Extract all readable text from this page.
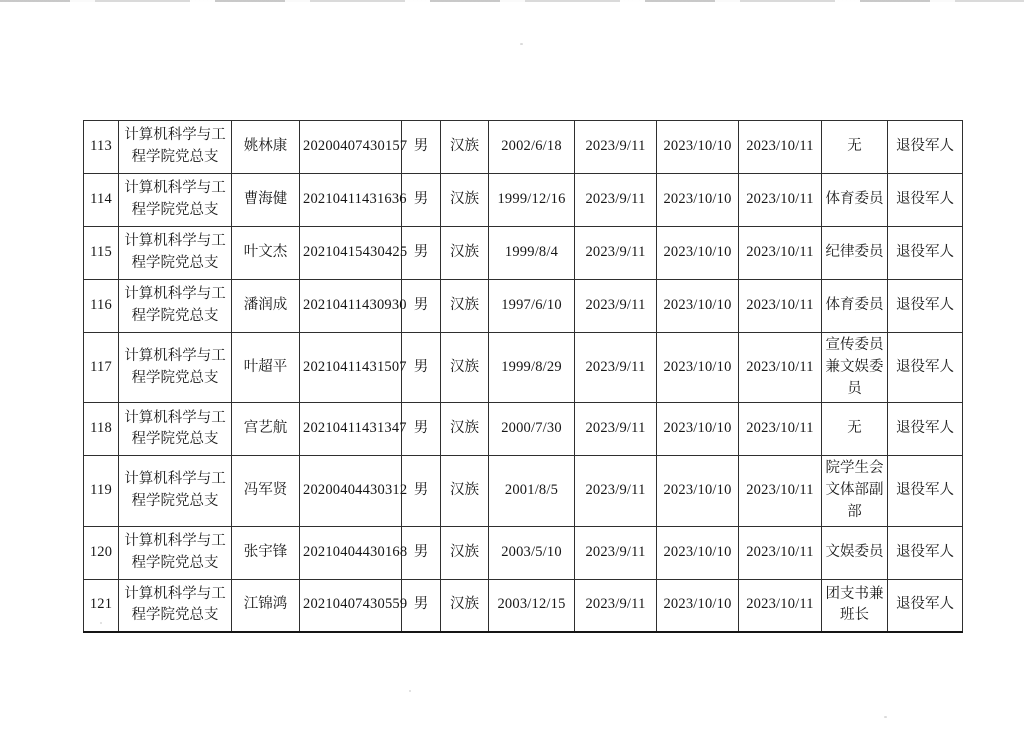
113	计算机科学与工程学院党总支	姚林康	20200407430157	男	汉族	2002/6/18	2023/9/11	2023/10/10	2023/10/11	无	退役军人
114	计算机科学与工程学院党总支	曹海健	20210411431636	男	汉族	1999/12/16	2023/9/11	2023/10/10	2023/10/11	体育委员	退役军人
115	计算机科学与工程学院党总支	叶文杰	20210415430425	男	汉族	1999/8/4	2023/9/11	2023/10/10	2023/10/11	纪律委员	退役军人
116	计算机科学与工程学院党总支	潘润成	20210411430930	男	汉族	1997/6/10	2023/9/11	2023/10/10	2023/10/11	体育委员	退役军人
117	计算机科学与工程学院党总支	叶超平	20210411431507	男	汉族	1999/8/29	2023/9/11	2023/10/10	2023/10/11	宣传委员兼文娱委员	退役军人
118	计算机科学与工程学院党总支	宫艺航	20210411431347	男	汉族	2000/7/30	2023/9/11	2023/10/10	2023/10/11	无	退役军人
119	计算机科学与工程学院党总支	冯军贤	20200404430312	男	汉族	2001/8/5	2023/9/11	2023/10/10	2023/10/11	院学生会文体部副部	退役军人
120	计算机科学与工程学院党总支	张宇锋	20210404430168	男	汉族	2003/5/10	2023/9/11	2023/10/10	2023/10/11	文娱委员	退役军人
121	计算机科学与工程学院党总支	江锦鸿	20210407430559	男	汉族	2003/12/15	2023/9/11	2023/10/10	2023/10/11	团支书兼班长	退役军人
